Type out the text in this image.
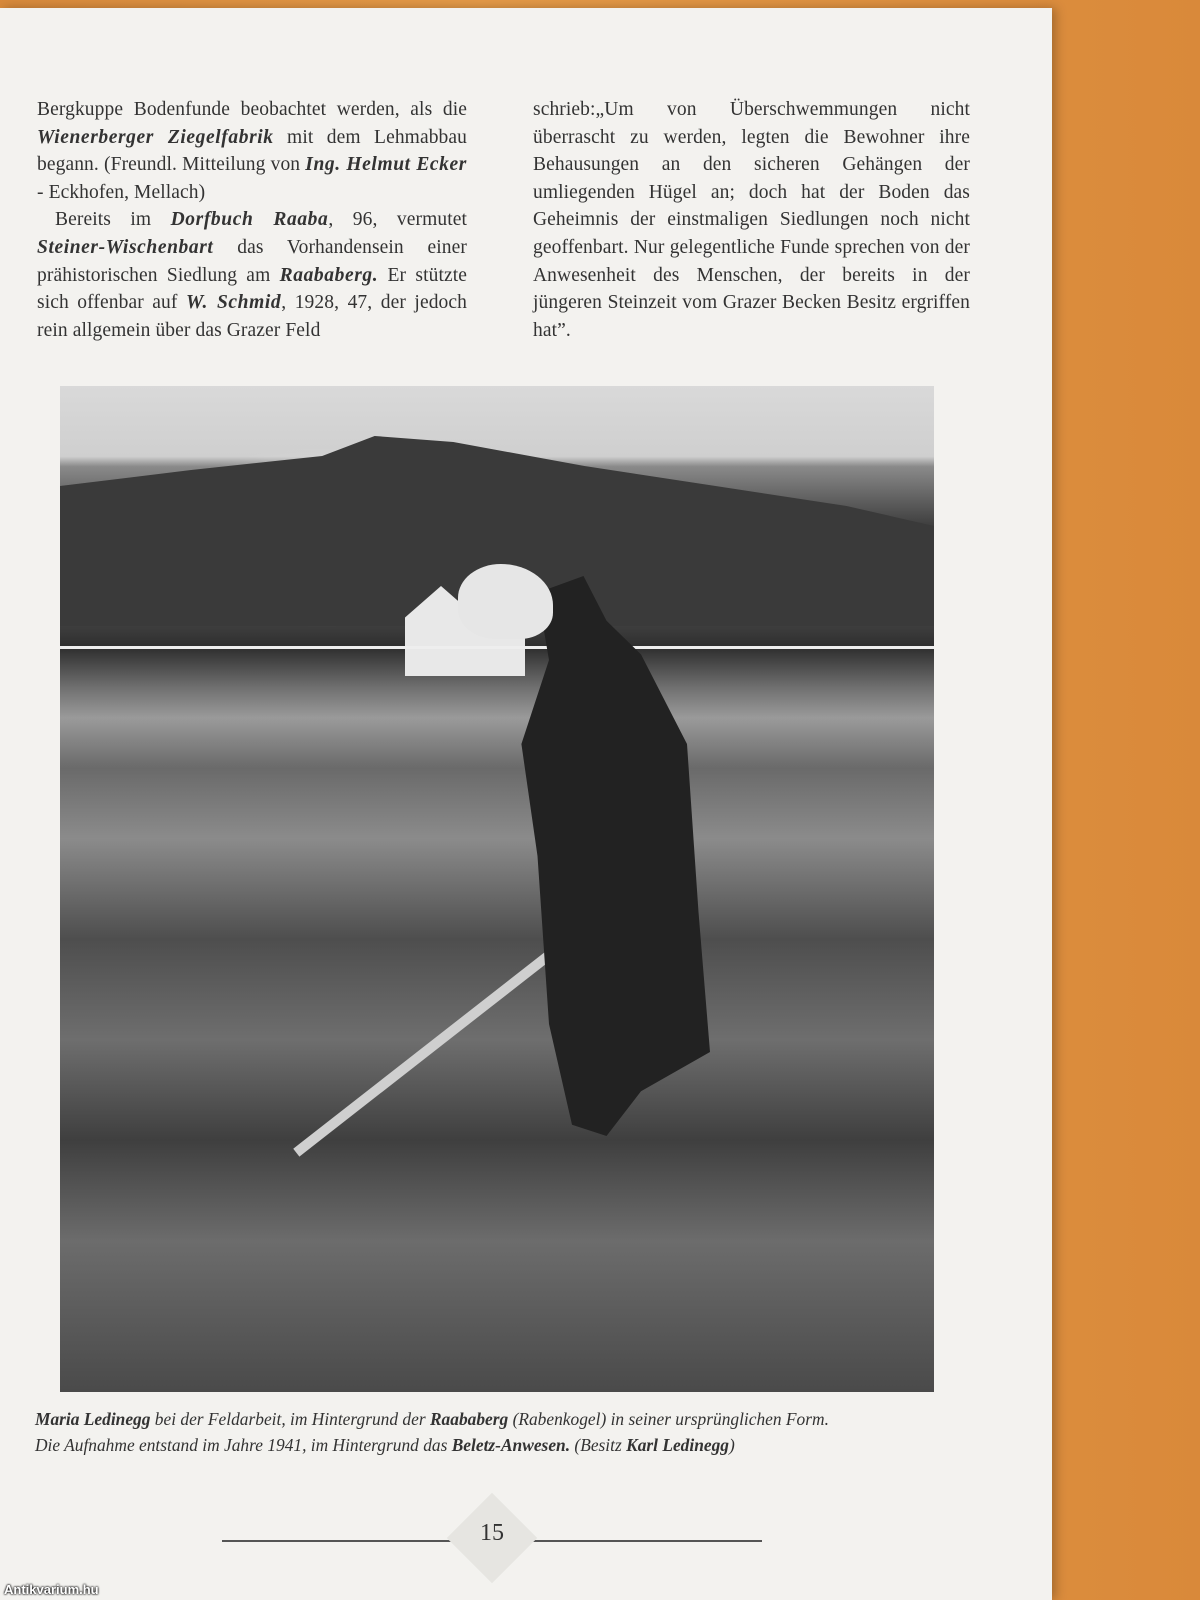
Bergkuppe Bodenfunde beobachtet werden, als die Wienerberger Ziegelfabrik mit dem Lehmabbau begann. (Freundl. Mitteilung von Ing. Helmut Ecker - Eckhofen, Mellach)

Bereits im Dorfbuch Raaba, 96, vermutet Steiner-Wischenbart das Vorhandensein einer prähistorischen Siedlung am Raababerg. Er stützte sich offenbar auf W. Schmid, 1928, 47, der jedoch rein allgemein über das Grazer Feld

schrieb:„Um von Überschwemmungen nicht überrascht zu werden, legten die Bewohner ihre Behausungen an den sicheren Gehängen der umliegenden Hügel an; doch hat der Boden das Geheimnis der einstmaligen Siedlungen noch nicht geoffenbart. Nur gelegentliche Funde sprechen von der Anwesenheit des Menschen, der bereits in der jüngeren Steinzeit vom Grazer Becken Besitz ergriffen hat”.

Maria Ledinegg bei der Feldarbeit, im Hintergrund der Raababerg (Rabenkogel) in seiner ursprünglichen Form.
Die Aufnahme entstand im Jahre 1941, im Hintergrund das Beletz-Anwesen. (Besitz Karl Ledinegg)
15
Antikvarium.hu
